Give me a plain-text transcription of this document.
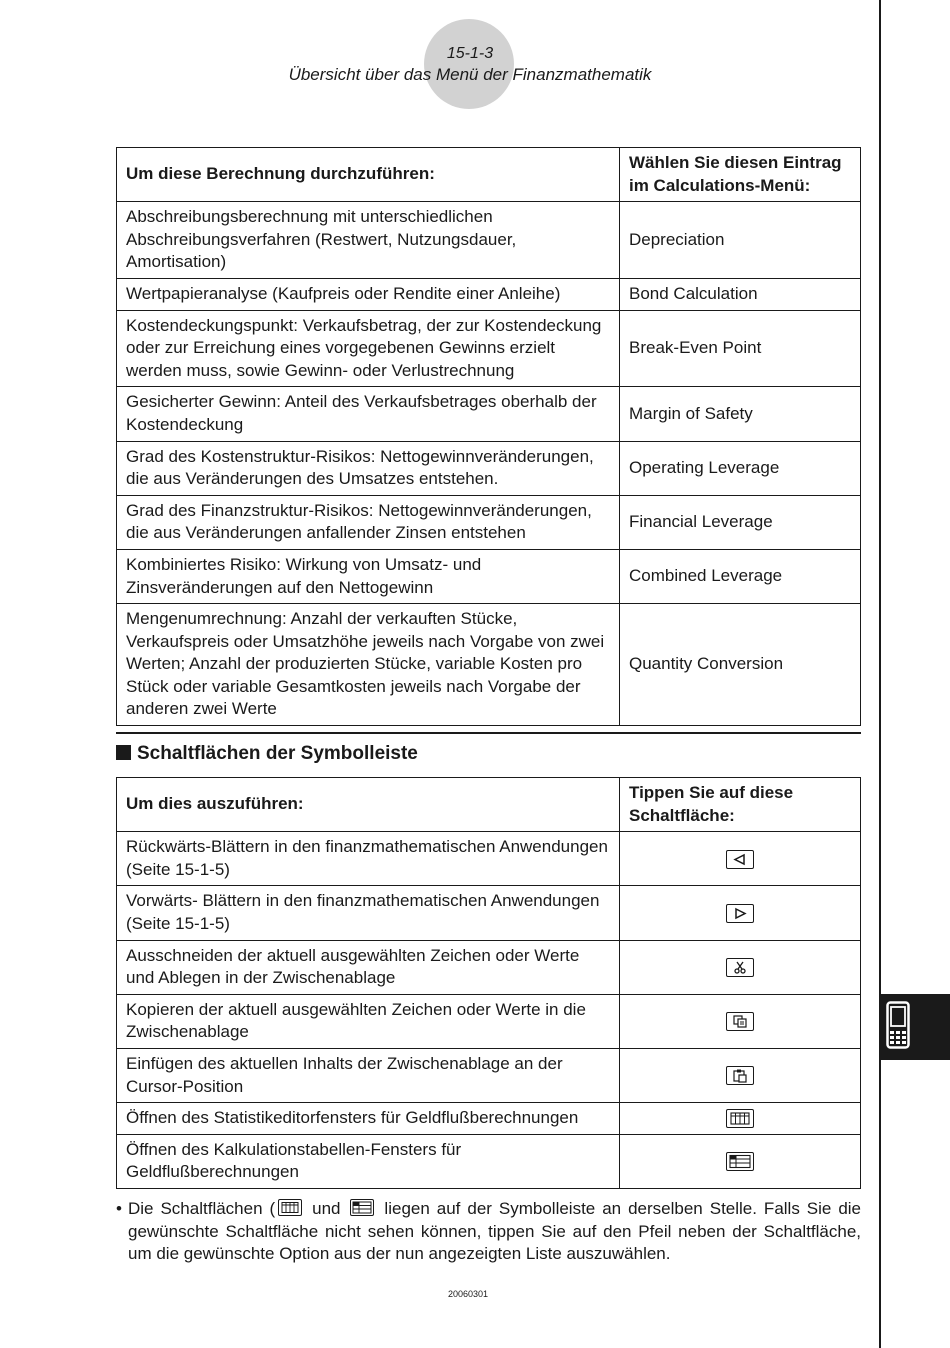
15-1-3
Übersicht über das Menü der Finanzmathematik
Um diese Berechnung durchzuführen:	Wählen Sie diesen Eintrag im Calculations-Menü:
Abschreibungsberechnung mit unterschiedlichen Abschreibungsverfahren (Restwert, Nutzungsdauer, Amortisation)	Depreciation
Wertpapieranalyse (Kaufpreis oder Rendite einer Anleihe)	Bond Calculation
Kostendeckungspunkt: Verkaufsbetrag, der zur Kostendeckung oder zur Erreichung eines vorgegebenen Gewinns erzielt werden muss, sowie Gewinn- oder Verlustrechnung	Break-Even Point
Gesicherter Gewinn: Anteil des Verkaufsbetrages oberhalb der Kostendeckung	Margin of Safety
Grad des Kostenstruktur-Risikos: Nettogewinnveränderungen, die aus Veränderungen des Umsatzes entstehen.	Operating Leverage
Grad des Finanzstruktur-Risikos: Nettogewinnveränderungen, die aus Veränderungen anfallender Zinsen entstehen	Financial Leverage
Kombiniertes Risiko: Wirkung von Umsatz- und Zinsveränderungen auf den Nettogewinn	Combined Leverage
Mengenumrechnung: Anzahl der verkauften Stücke, Verkaufspreis oder Umsatzhöhe jeweils nach Vorgabe von zwei Werten; Anzahl der produzierten Stücke, variable Kosten pro Stück oder variable Gesamtkosten jeweils nach Vorgabe der anderen zwei Werte	Quantity Conversion
Schaltflächen der Symbolleiste
Um dies auszuführen:	Tippen Sie auf diese Schaltfläche:
Rückwärts-Blättern in den finanzmathematischen Anwendungen (Seite 15-1-5)	

Vorwärts- Blättern in den finanzmathematischen Anwendungen (Seite 15-1-5)	

Ausschneiden der aktuell ausgewählten Zeichen oder Werte und Ablegen in der Zwischenablage	

Kopieren der aktuell ausgewählten Zeichen oder Werte in die Zwischenablage	

Einfügen des aktuellen Inhalts der Zwischenablage an der Cursor-Position	

Öffnen des Statistikeditorfensters für Geldflußberechnungen	

Öffnen des Kalkulationstabellen-Fensters für Geldflußberechnungen	
• Die Schaltflächen (
und
liegen auf der Symbolleiste an derselben Stelle. Falls Sie die gewünschte Schaltfläche nicht sehen können, tippen Sie auf den Pfeil neben der Schaltfläche, um die gewünschte Option aus der nun angezeigten Liste auszuwählen.
20060301
